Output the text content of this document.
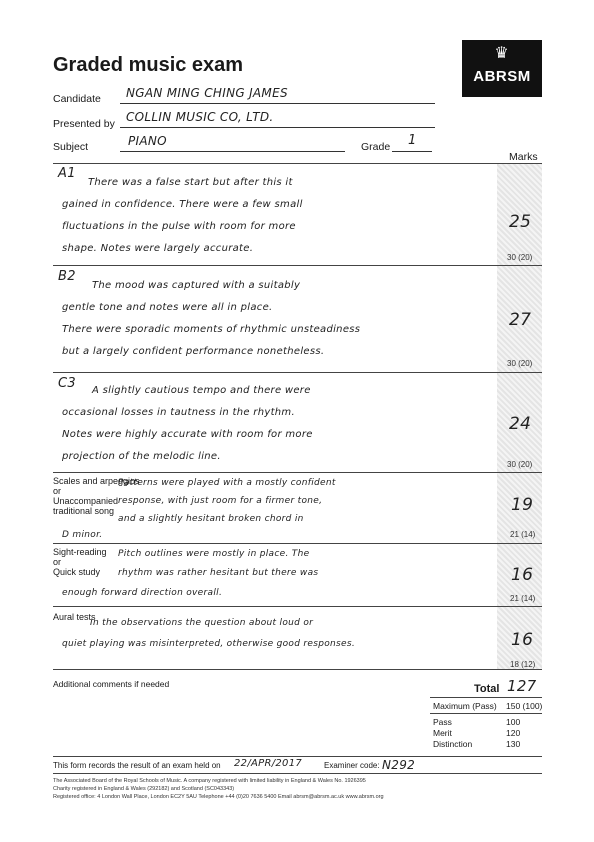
Graded music exam
♛
ABRSM
Candidate NGAN MING CHING JAMES
Presented by COLLIN MUSIC CO, LTD.
Subject	PIANO	Grade 1
Marks
A1
There was a false start but after this it
gained in confidence. There were a few small
fluctuations in the pulse with room for more
shape. Notes were largely accurate.
25
30 (20)
B2
The mood was captured with a suitably
gentle tone and notes were all in place.
There were sporadic moments of rhythmic unsteadiness
but a largely confident performance nonetheless.
27
30 (20)
C3 A slightly cautious tempo and there were
occasional losses in tautness in the rhythm.
Notes were highly accurate with room for more
projection of the melodic line.
24
30 (20)
Scales and arpeggios
or
Unaccompanied
traditional song
Patterns were played with a mostly confident
response, with just room for a firmer tone,
and a slightly hesitant broken chord in
D minor.
19
21 (14)
Sight-reading
or
Quick study
Pitch outlines were mostly in place. The
rhythm was rather hesitant but there was
enough forward direction overall.
16
21 (14)
Aural tests
In the observations the question about loud or
quiet playing was misinterpreted, otherwise good responses.	16
18 (12)
Additional comments if needed	Total 127
Maximum (Pass) 150 (100)
Pass	100
Merit	120
Distinction	130
This form records the result of an exam held on 22/APR/2017	Examiner code: N292
The Associated Board of the Royal Schools of Music. A company registered with limited liability in England & Wales No. 1926395
Charity registered in England & Wales (292182) and Scotland (SC043343)
Registered office: 4 London Wall Place, London EC2Y 5AU Telephone +44 (0)20 7636 5400 Email abrsm@abrsm.ac.uk www.abrsm.org
